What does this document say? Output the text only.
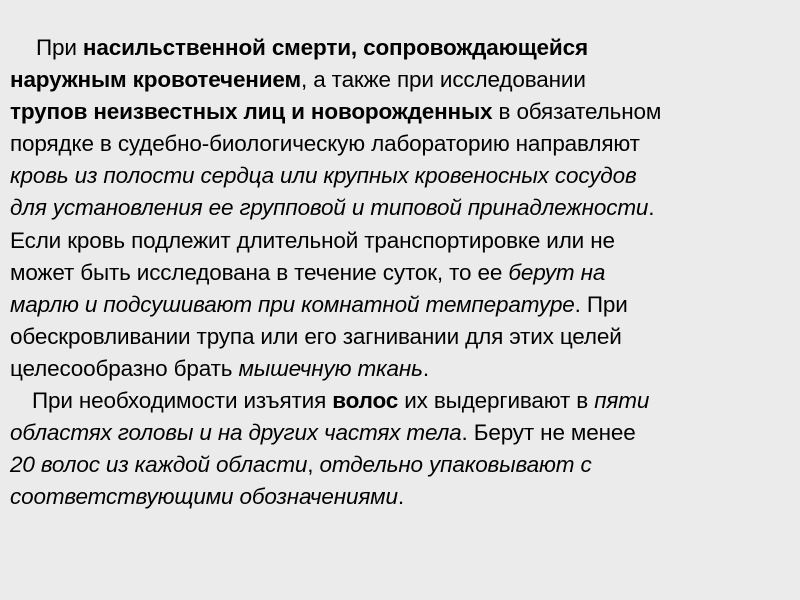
При насильственной смерти, сопровождающейся
наружным кровотечением, а также при исследовании
трупов неизвестных лиц и новорожденных в обязательном
порядке в судебно-биологическую лабораторию направляют
кровь из полости сердца или крупных кровеносных сосудов
для установления ее групповой и типовой принадлежности.
Если кровь подлежит длительной транспортировке или не
может быть исследована в течение суток, то ее берут на
марлю и подсушивают при комнатной температуре. При
обескровливании трупа или его загнивании для этих целей
целесообразно брать мышечную ткань.
При необходимости изъятия волос их выдергивают в пяти
областях головы и на других частях тела. Берут не менее
20 волос из каждой области, отдельно упаковывают с
соответствующими обозначениями.
